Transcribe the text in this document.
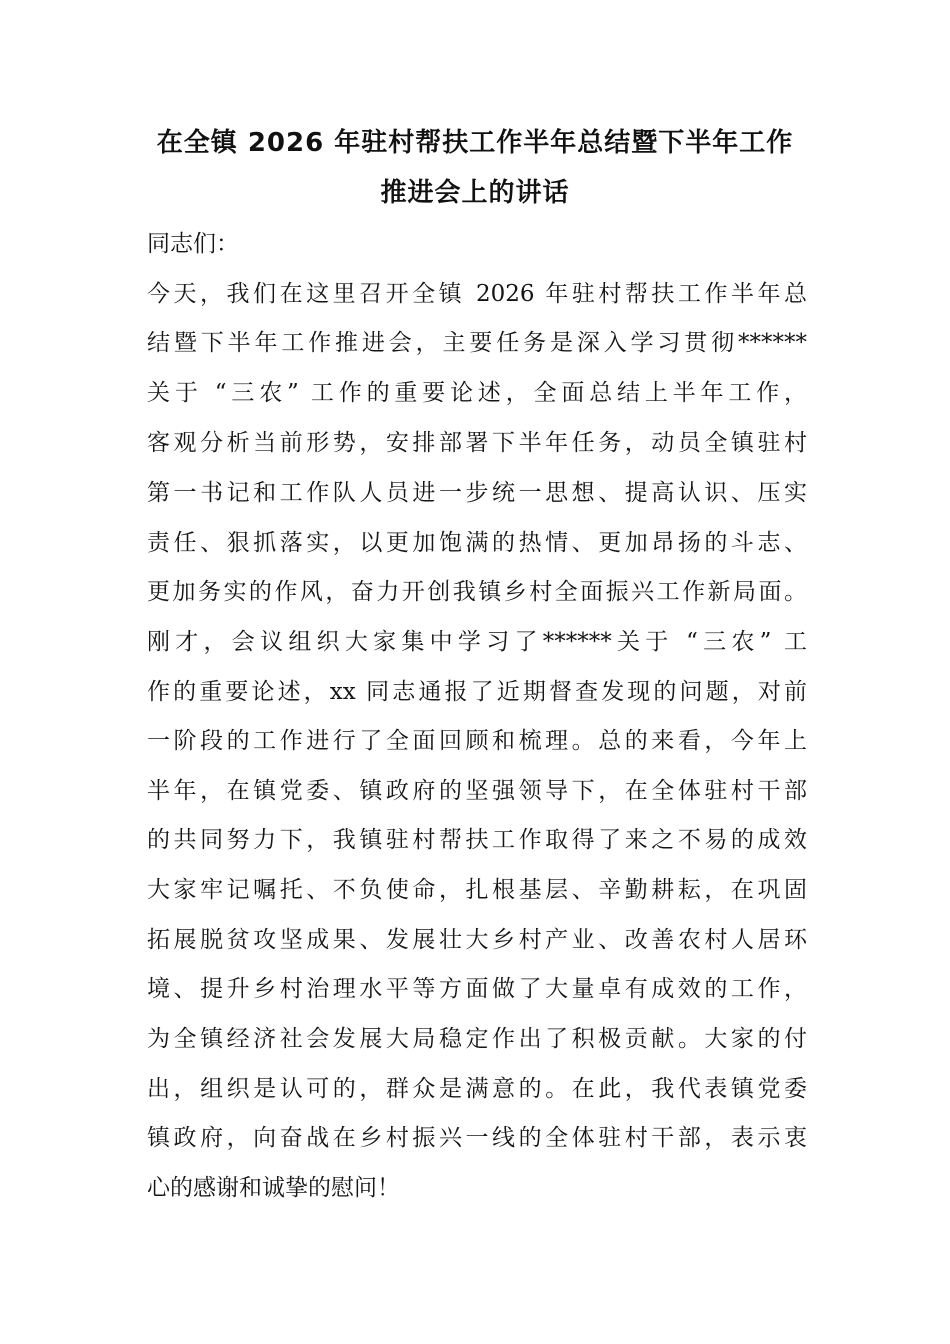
在全镇 2026 年驻村帮扶工作半年总结暨下半年工作
推进会上的讲话
同志们：
今天，我们在这里召开全镇 2026 年驻村帮扶工作半年总
结暨下半年工作推进会，主要任务是深入学习贯彻******
关于 “三农” 工作的重要论述，全面总结上半年工作，
客观分析当前形势，安排部署下半年任务，动员全镇驻村
第一书记和工作队人员进一步统一思想、提高认识、压实
责任、狠抓落实，以更加饱满的热情、更加昂扬的斗志、
更加务实的作风，奋力开创我镇乡村全面振兴工作新局面。
刚才，会议组织大家集中学习了******关于 “三农” 工
作的重要论述，xx 同志通报了近期督查发现的问题，对前
一阶段的工作进行了全面回顾和梳理。总的来看，今年上
半年，在镇党委、镇政府的坚强领导下，在全体驻村干部
的共同努力下，我镇驻村帮扶工作取得了来之不易的成效
大家牢记嘱托、不负使命，扎根基层、辛勤耕耘，在巩固
拓展脱贫攻坚成果、发展壮大乡村产业、改善农村人居环
境、提升乡村治理水平等方面做了大量卓有成效的工作，
为全镇经济社会发展大局稳定作出了积极贡献。大家的付
出，组织是认可的，群众是满意的。在此，我代表镇党委
镇政府，向奋战在乡村振兴一线的全体驻村干部，表示衷
心的感谢和诚挚的慰问！
